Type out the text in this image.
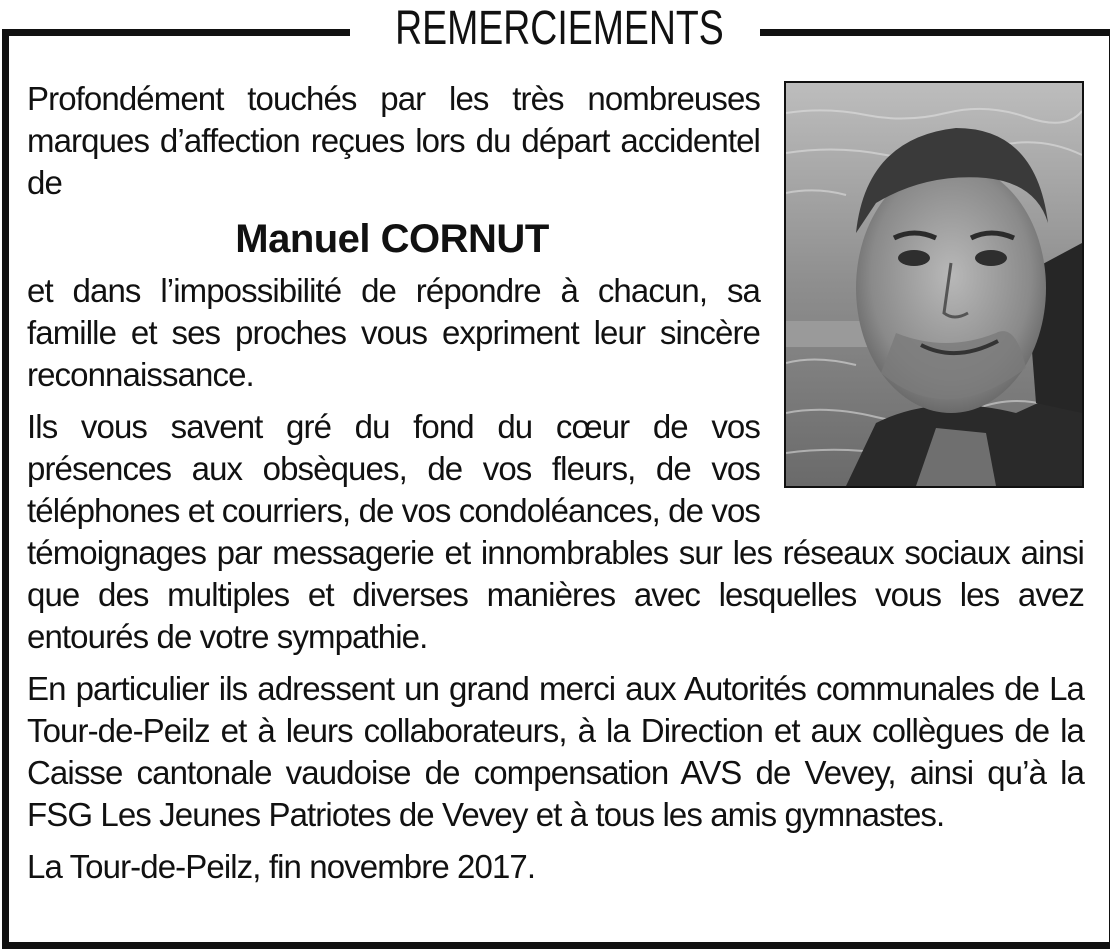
REMERCIEMENTS

Profondément touchés par les très nombreuses marques d’affection reçues lors du départ accidentel de

Manuel CORNUT

et dans l’impossibilité de répondre à chacun, sa famille et ses proches vous expriment leur sincère reconnaissance.

Ils vous savent gré du fond du cœur de vos présences aux obsèques, de vos fleurs, de vos téléphones et courriers, de vos condoléances, de vos témoignages par messagerie et innombrables sur les réseaux sociaux ainsi que des multiples et diverses manières avec lesquelles vous les avez entourés de votre sympathie.

En particulier ils adressent un grand merci aux Autorités communales de La Tour-de-Peilz et à leurs collaborateurs, à la Direction et aux collègues de la Caisse cantonale vaudoise de compensation AVS de Vevey, ainsi qu’à la FSG Les Jeunes Patriotes de Vevey et à tous les amis gymnastes.

La Tour-de-Peilz, fin novembre 2017.
